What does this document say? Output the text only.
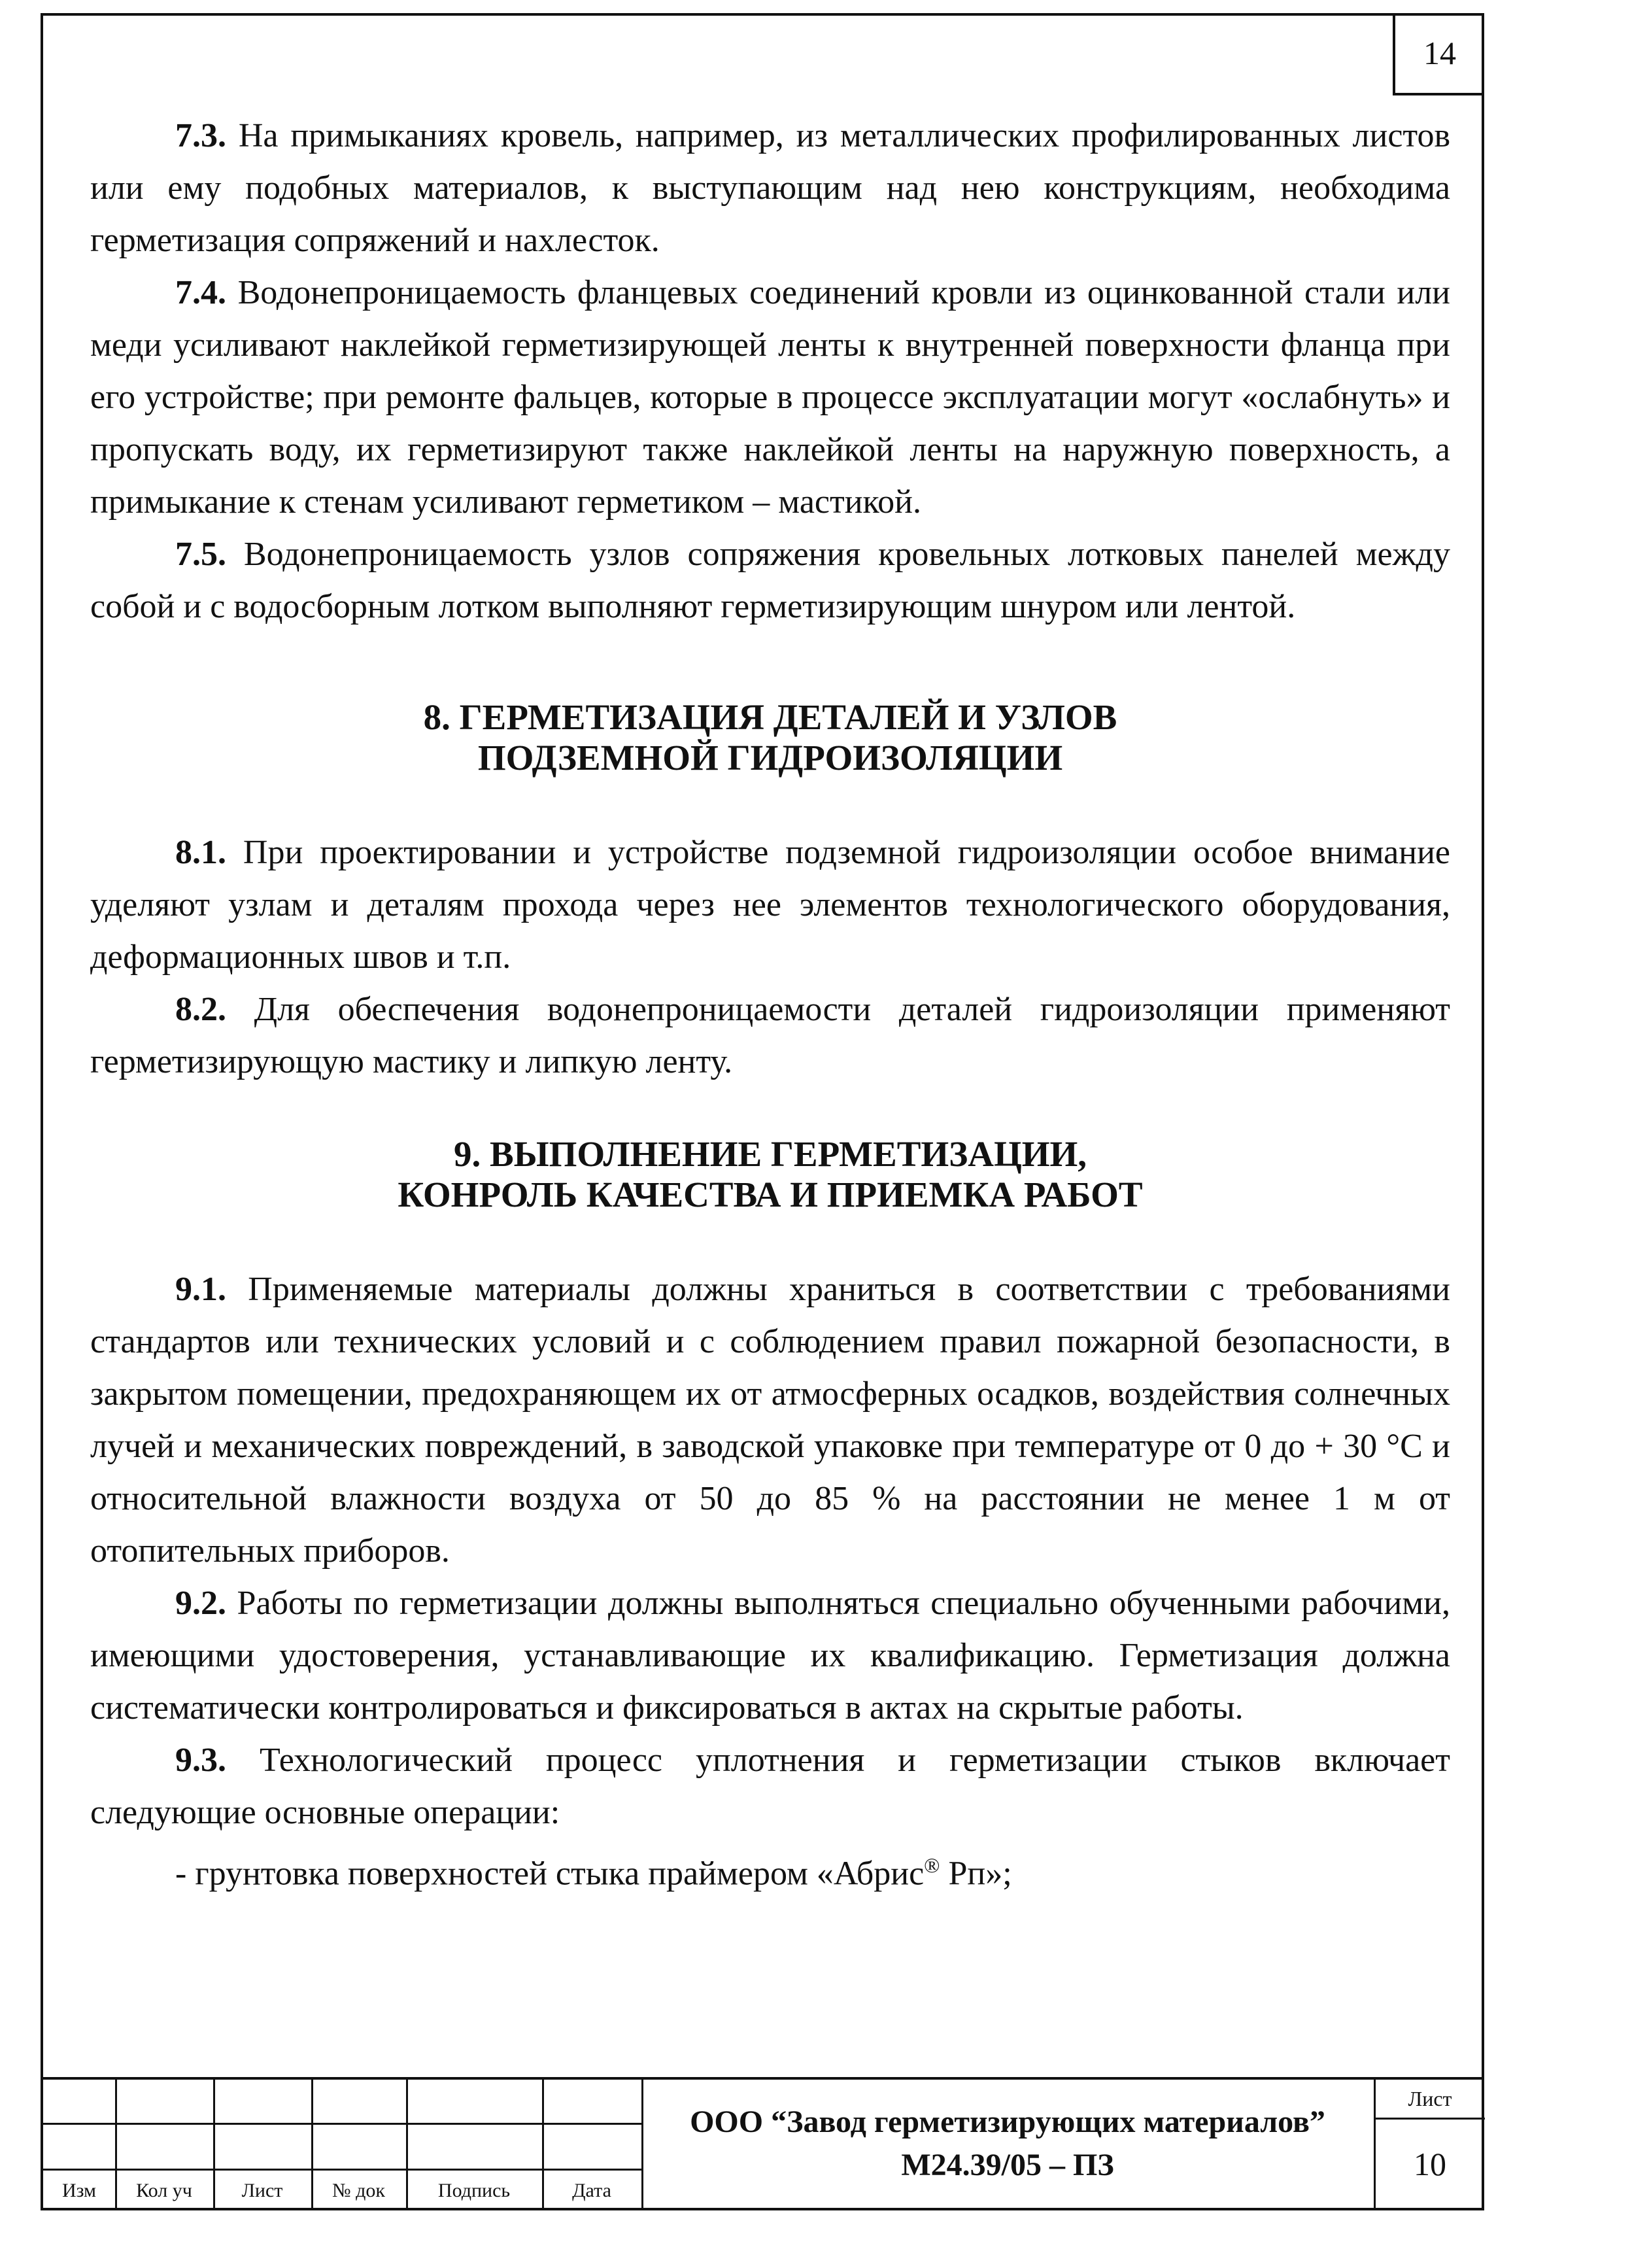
14

7.3. На примыканиях кровель, например, из металлических профилированных листов или ему подобных материалов, к выступающим над нею конструкциям, необходима герметизация сопряжений и нахлесток.

7.4. Водонепроницаемость фланцевых соединений кровли из оцинкованной стали или меди усиливают наклейкой герметизирующей ленты к внутренней поверхности фланца при его устройстве; при ремонте фальцев, которые в процессе эксплуатации могут «ослабнуть» и пропускать воду, их герметизируют также наклейкой ленты на наружную поверхность, а примыкание к стенам усиливают герметиком – мастикой.

7.5. Водонепроницаемость узлов сопряжения кровельных лотковых панелей между собой и с водосборным лотком выполняют герметизирующим шнуром или лентой.

8. ГЕРМЕТИЗАЦИЯ ДЕТАЛЕЙ И УЗЛОВ
ПОДЗЕМНОЙ ГИДРОИЗОЛЯЦИИ

8.1. При проектировании и устройстве подземной гидроизоляции особое внимание уделяют узлам и деталям прохода через нее элементов технологического оборудования, деформационных швов и т.п.

8.2. Для обеспечения водонепроницаемости деталей гидроизоляции применяют герметизирующую мастику и липкую ленту.

9. ВЫПОЛНЕНИЕ ГЕРМЕТИЗАЦИИ,
КОНРОЛЬ КАЧЕСТВА И ПРИЕМКА РАБОТ

9.1. Применяемые материалы должны храниться в соответствии с требованиями стандартов или технических условий и с соблюдением правил пожарной безопасности, в закрытом помещении, предохраняющем их от атмосферных осадков, воздействия солнечных лучей и механических повреждений, в заводской упаковке при температуре от 0 до + 30 °С и относительной влажности воздуха от 50 до 85 % на расстоянии не менее 1 м от отопительных приборов.

9.2. Работы по герметизации должны выполняться специально обученными рабочими, имеющими удостоверения, устанавливающие их квалификацию. Герметизация должна систематически контролироваться и фиксироваться в актах на скрытые работы.

9.3. Технологический процесс уплотнения и герметизации стыков включает следующие основные операции:

- грунтовка поверхностей стыка праймером «Абрис® Рп»;

Изм	Кол уч	Лист	№ док	Подпись	Дата
ООО “Завод герметизирующих материалов”
М24.39/05 – ПЗ
Лист
10
